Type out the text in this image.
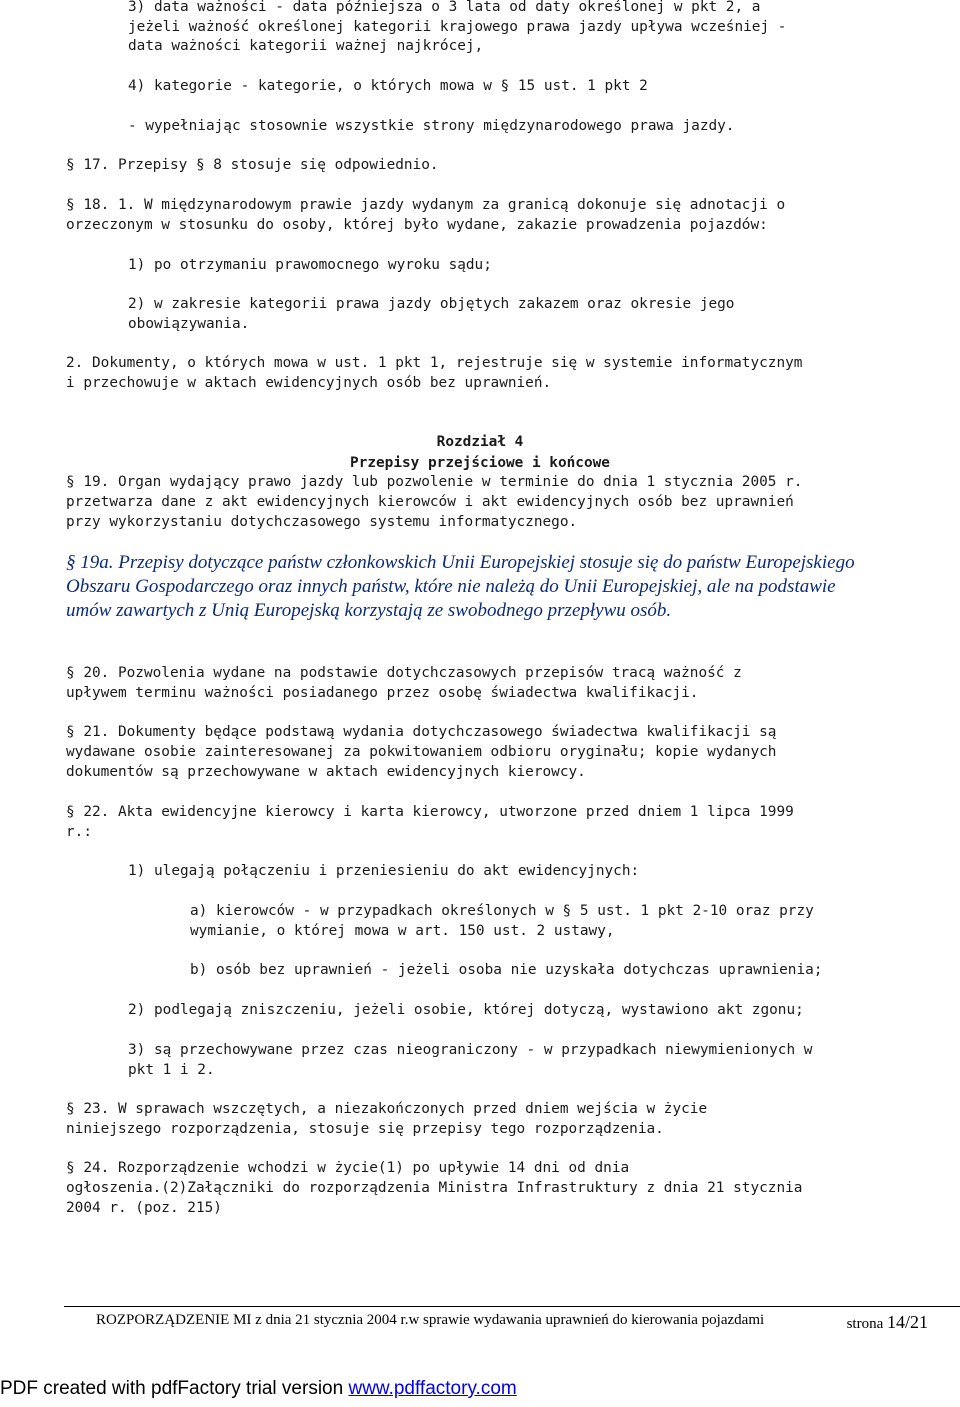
3) data ważności - data późniejsza o 3 lata od daty określonej w pkt 2, a
jeżeli ważność określonej kategorii krajowego prawa jazdy upływa wcześniej -
data ważności kategorii ważnej najkrócej,
4) kategorie - kategorie, o których mowa w § 15 ust. 1 pkt 2
- wypełniając stosownie wszystkie strony międzynarodowego prawa jazdy.
§ 17. Przepisy § 8 stosuje się odpowiednio.
§ 18. 1. W międzynarodowym prawie jazdy wydanym za granicą dokonuje się adnotacji o
orzeczonym w stosunku do osoby, której było wydane, zakazie prowadzenia pojazdów:
1) po otrzymaniu prawomocnego wyroku sądu;
2) w zakresie kategorii prawa jazdy objętych zakazem oraz okresie jego
obowiązywania.
2. Dokumenty, o których mowa w ust. 1 pkt 1, rejestruje się w systemie informatycznym
i przechowuje w aktach ewidencyjnych osób bez uprawnień.
Rozdział 4
Przepisy przejściowe i końcowe
§ 19. Organ wydający prawo jazdy lub pozwolenie w terminie do dnia 1 stycznia 2005 r.
przetwarza dane z akt ewidencyjnych kierowców i akt ewidencyjnych osób bez uprawnień
przy wykorzystaniu dotychczasowego systemu informatycznego.
§ 19a. Przepisy dotyczące państw członkowskich Unii Europejskiej stosuje się do państw Europejskiego
Obszaru Gospodarczego oraz innych państw, które nie należą do Unii Europejskiej, ale na podstawie
umów zawartych z Unią Europejską korzystają ze swobodnego przepływu osób.
§ 20. Pozwolenia wydane na podstawie dotychczasowych przepisów tracą ważność z
upływem terminu ważności posiadanego przez osobę świadectwa kwalifikacji.
§ 21. Dokumenty będące podstawą wydania dotychczasowego świadectwa kwalifikacji są
wydawane osobie zainteresowanej za pokwitowaniem odbioru oryginału; kopie wydanych
dokumentów są przechowywane w aktach ewidencyjnych kierowcy.
§ 22. Akta ewidencyjne kierowcy i karta kierowcy, utworzone przed dniem 1 lipca 1999
r.:
1) ulegają połączeniu i przeniesieniu do akt ewidencyjnych:
a) kierowców - w przypadkach określonych w § 5 ust. 1 pkt 2-10 oraz przy
wymianie, o której mowa w art. 150 ust. 2 ustawy,
b) osób bez uprawnień - jeżeli osoba nie uzyskała dotychczas uprawnienia;
2) podlegają zniszczeniu, jeżeli osobie, której dotyczą, wystawiono akt zgonu;
3) są przechowywane przez czas nieograniczony - w przypadkach niewymienionych w
pkt 1 i 2.
§ 23. W sprawach wszczętych, a niezakończonych przed dniem wejścia w życie
niniejszego rozporządzenia, stosuje się przepisy tego rozporządzenia.
§ 24. Rozporządzenie wchodzi w życie(1) po upływie 14 dni od dnia
ogłoszenia.(2)Załączniki do rozporządzenia Ministra Infrastruktury z dnia 21 stycznia
2004 r. (poz. 215)
ROZPORZĄDZENIE MI z dnia 21 stycznia 2004 r.w sprawie wydawania uprawnień do kierowania pojazdami	strona 14/21
PDF created with pdfFactory trial version www.pdffactory.com
